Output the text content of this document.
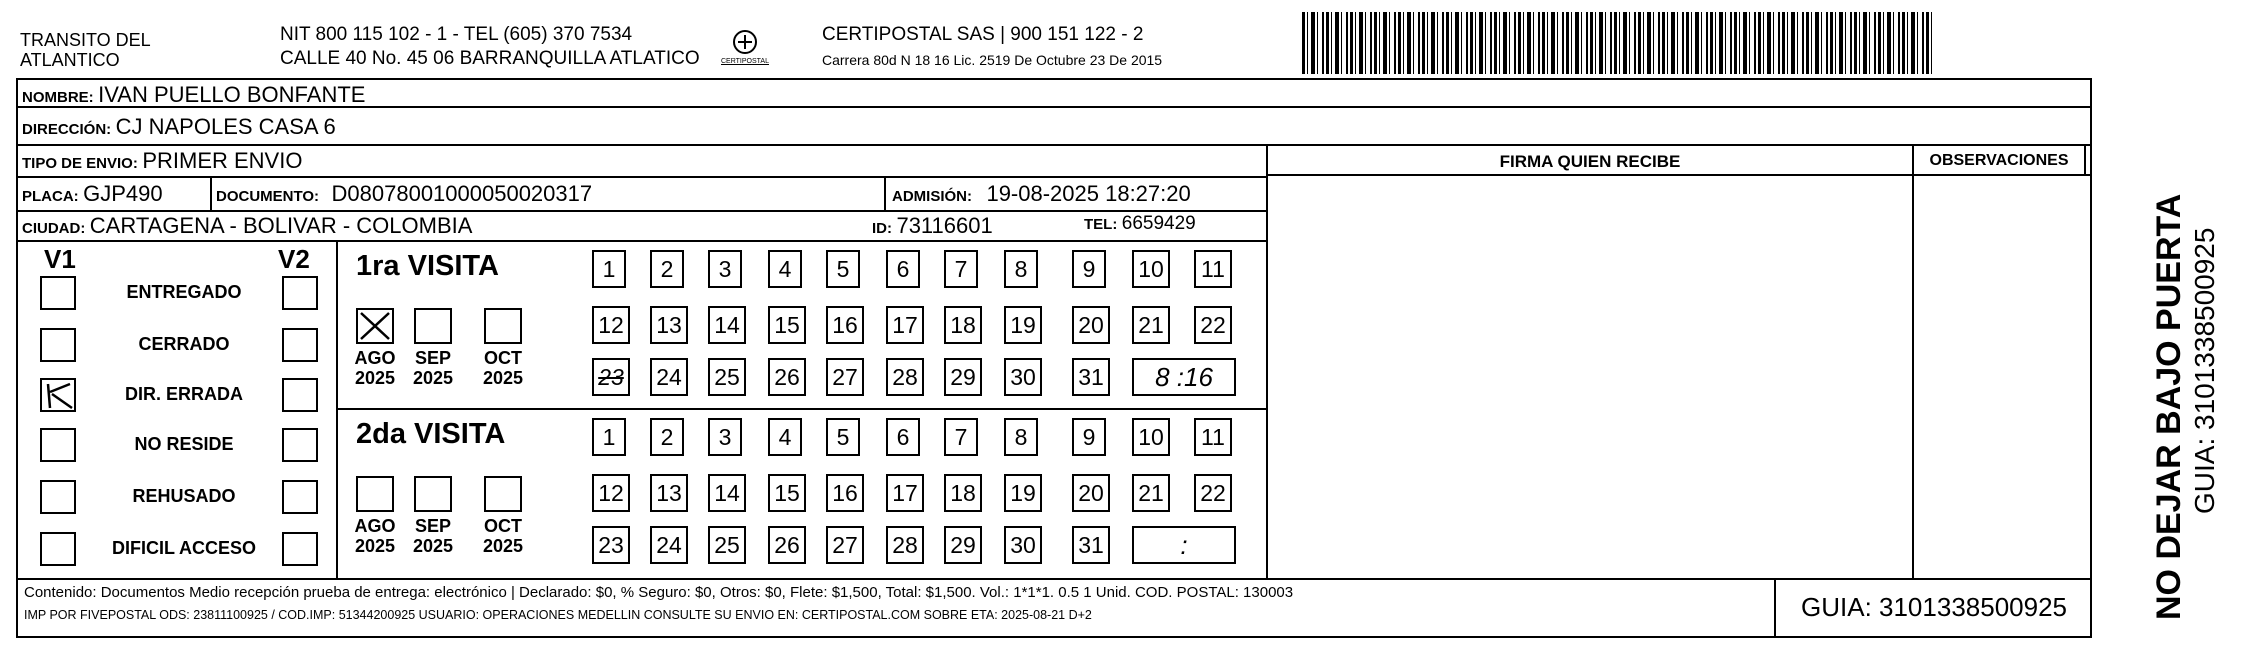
TRANSITO DEL
ATLANTICO
NIT 800 115 102 - 1 - TEL (605) 370 7534
CALLE 40 No. 45 06 BARRANQUILLA ATLATICO	CERTIPOSTAL
CERTIPOSTAL SAS | 900 151 122 - 2
Carrera 80d N 18 16 Lic. 2519 De Octubre 23 De 2015
NOMBRE: IVAN PUELLO BONFANTE
DIRECCIÓN: CJ NAPOLES CASA 6
TIPO DE ENVIO: PRIMER ENVIO
PLACA: GJP490	DOCUMENTO: D08078001000050020317	ADMISIÓN: 19-08-2025 18:27:20
CIUDAD: CARTAGENA - BOLIVAR - COLOMBIA	ID: 73116601	TEL: 6659429
FIRMA QUIEN RECIBE	OBSERVACIONES
V1	V2
ENTREGADO
CERRADO
DIR. ERRADA
NO RESIDE
REHUSADO
DIFICIL ACCESO
1ra VISITA
AGO
2025
SEP
2025
OCT
2025
1	2	3	4	5	6	7	8	9	10	11
12 13 14 15 16 17 18 19 20 21 22
23 24 25 26 27 28 29 30 31	8 :16
2da VISITA
AGO
2025
SEP
2025
OCT
2025
1	2	3	4	5	6	7	8	9	10	11
12 13 14 15 16 17 18 19 20 21 22
23 24 25 26 27 28 29 30 31	:
Contenido: Documentos Medio recepción prueba de entrega: electrónico | Declarado: $0, % Seguro: $0, Otros: $0, Flete: $1,500, Total: $1,500. Vol.: 1*1*1. 0.5 1 Unid. COD. POSTAL: 130003
IMP POR FIVEPOSTAL ODS: 23811100925 / COD.IMP: 51344200925 USUARIO: OPERACIONES MEDELLIN CONSULTE SU ENVIO EN: CERTIPOSTAL.COM SOBRE ETA: 2025-08-21 D+2	GUIA: 3101338500925	NO DEJAR BAJO PUERTA GUIA: 3101338500925
